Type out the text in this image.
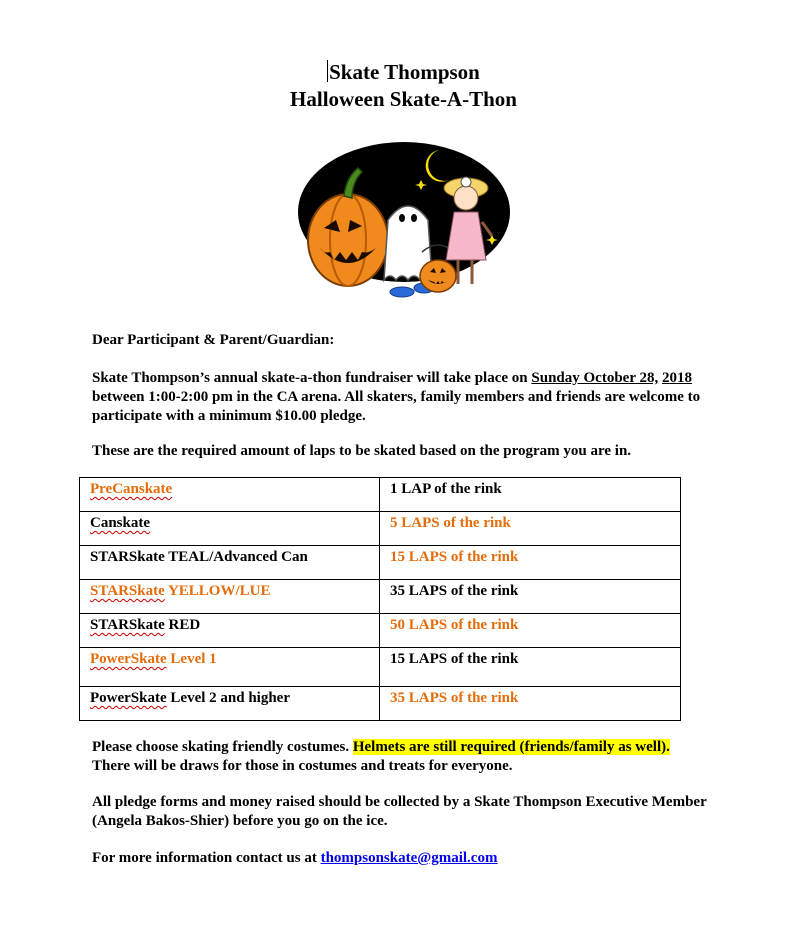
Skate Thompson
Halloween Skate-A-Thon
Dear Participant & Parent/Guardian:
Skate Thompson’s annual skate-a-thon fundraiser will take place on Sunday October 28, 2018 between 1:00-2:00 pm in the CA arena. All skaters, family members and friends are welcome to participate with a minimum $10.00 pledge.
These are the required amount of laps to be skated based on the program you are in.
PreCanskate	1 LAP of the rink
Canskate	5 LAPS of the rink
STARSkate TEAL/Advanced Can	15 LAPS of the rink
STARSkate YELLOW/LUE	35 LAPS of the rink
STARSkate RED	50 LAPS of the rink
PowerSkate Level 1	15 LAPS of the rink
PowerSkate Level 2 and higher	35 LAPS of the rink
Please choose skating friendly costumes. Helmets are still required (friends/family as well).
There will be draws for those in costumes and treats for everyone.
All pledge forms and money raised should be collected by a Skate Thompson Executive Member (Angela Bakos-Shier) before you go on the ice.
For more information contact us at thompsonskate@gmail.com
